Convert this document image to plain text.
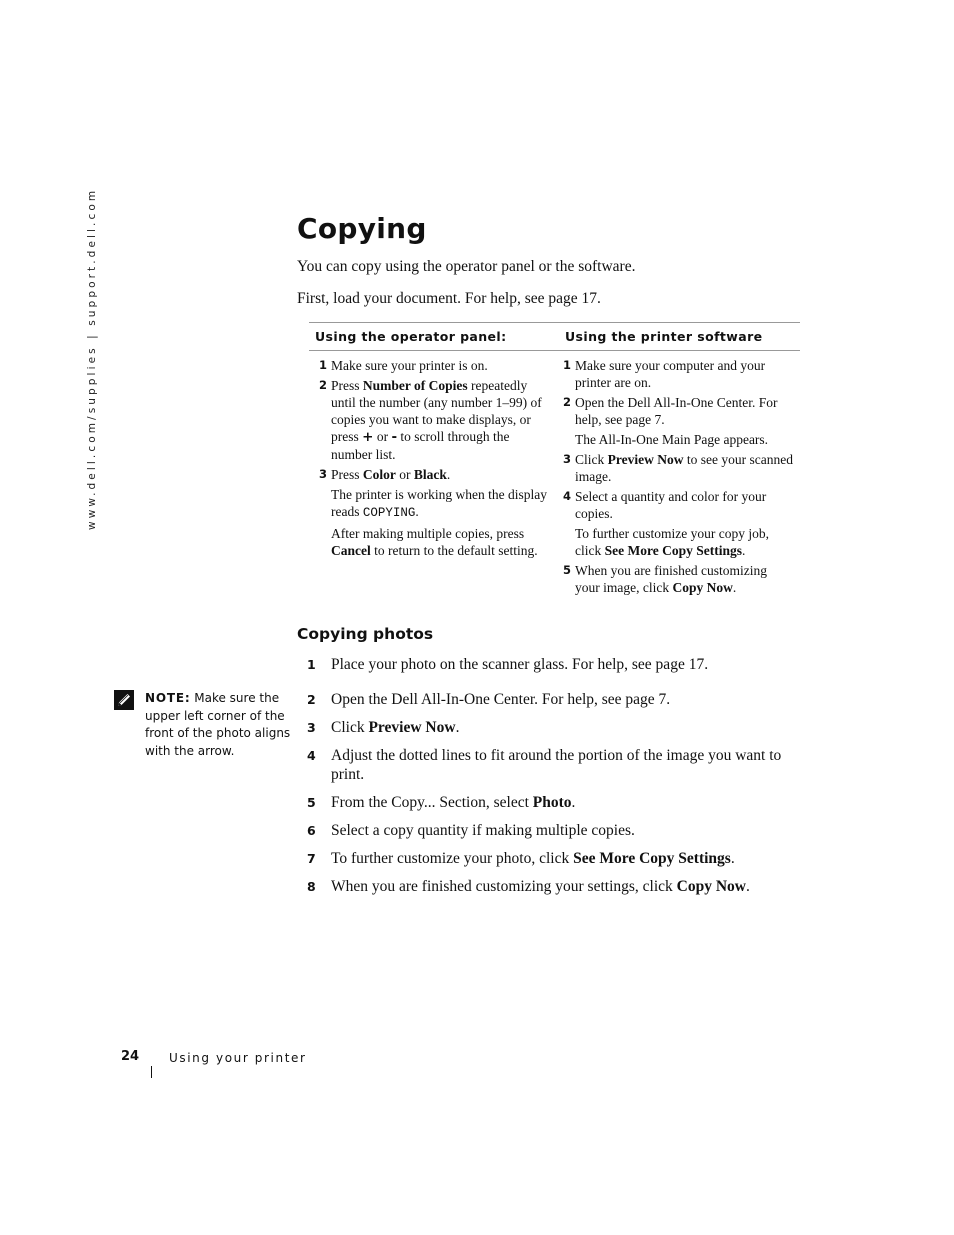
www.dell.com/supplies | support.dell.com	Copying

You can copy using the operator panel or the software.

First, load your document. For help, see page 17.

Using the operator panel:	Using the printer software

1 Make sure your printer is on.

2 Press Number of Copies repeatedly until the number (any number 1–99) of copies you want to make displays, or press + or - to scroll through the number list.

3 Press Color or Black.

The printer is working when the display reads COPYING.

After making multiple copies, press Cancel to return to the default setting.

1 Make sure your computer and your printer are on.

2 Open the Dell All-In-One Center. For help, see page 7.

The All-In-One Main Page appears.

3 Click Preview Now to see your scanned image.

4 Select a quantity and color for your copies.

To further customize your copy job, click See More Copy Settings.

5 When you are finished customizing your image, click Copy Now.

Copying photos
1 Place your photo on the scanner glass. For help, see page 17.
2 Open the Dell All-In-One Center. For help, see page 7.
3 Click Preview Now.
4 Adjust the dotted lines to fit around the portion of the image you want to print.
5 From the Copy... Section, select Photo.
6 Select a copy quantity if making multiple copies.
7 To further customize your photo, click See More Copy Settings.
8 When you are finished customizing your settings, click Copy Now.
NOTE: Make sure the upper left corner of the front of the photo aligns with the arrow.
24 Using your printer
